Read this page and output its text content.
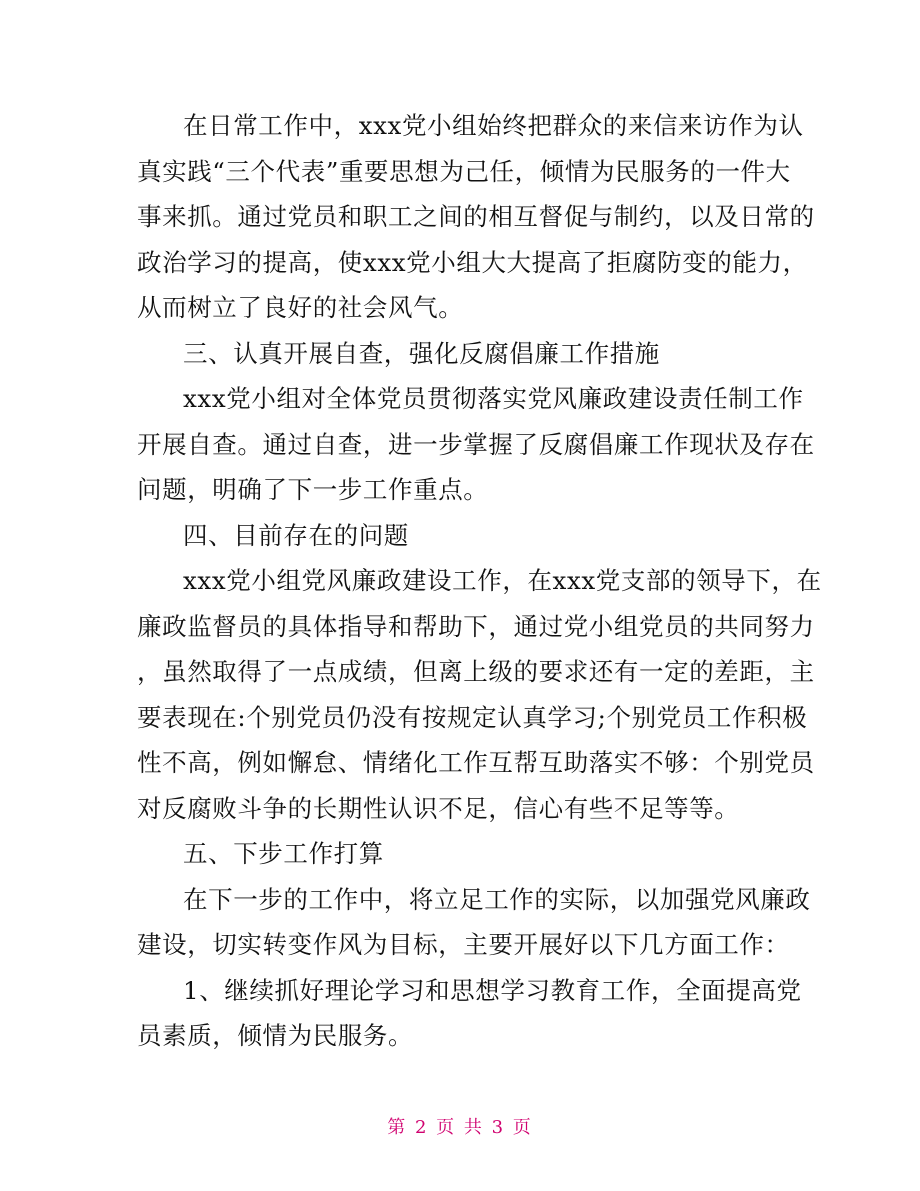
在日常工作中，xxx党小组始终把群众的来信来访作为认
真实践“三个代表”重要思想为己任，倾情为民服务的一件大
事来抓。通过党员和职工之间的相互督促与制约，以及日常的
政治学习的提高，使xxx党小组大大提高了拒腐防变的能力，
从而树立了良好的社会风气。
三、认真开展自查，强化反腐倡廉工作措施
xxx党小组对全体党员贯彻落实党风廉政建设责任制工作
开展自查。通过自查，进一步掌握了反腐倡廉工作现状及存在
问题，明确了下一步工作重点。
四、目前存在的问题
xxx党小组党风廉政建设工作，在xxx党支部的领导下，在
廉政监督员的具体指导和帮助下，通过党小组党员的共同努力
，虽然取得了一点成绩，但离上级的要求还有一定的差距，主
要表现在:个别党员仍没有按规定认真学习;个别党员工作积极
性不高，例如懈怠、情绪化工作互帮互助落实不够：个别党员
对反腐败斗争的长期性认识不足，信心有些不足等等。
五、下步工作打算
在下一步的工作中，将立足工作的实际，以加强党风廉政
建设，切实转变作风为目标，主要开展好以下几方面工作：
1、继续抓好理论学习和思想学习教育工作，全面提高党
员素质，倾情为民服务。
第 2 页 共 3 页
